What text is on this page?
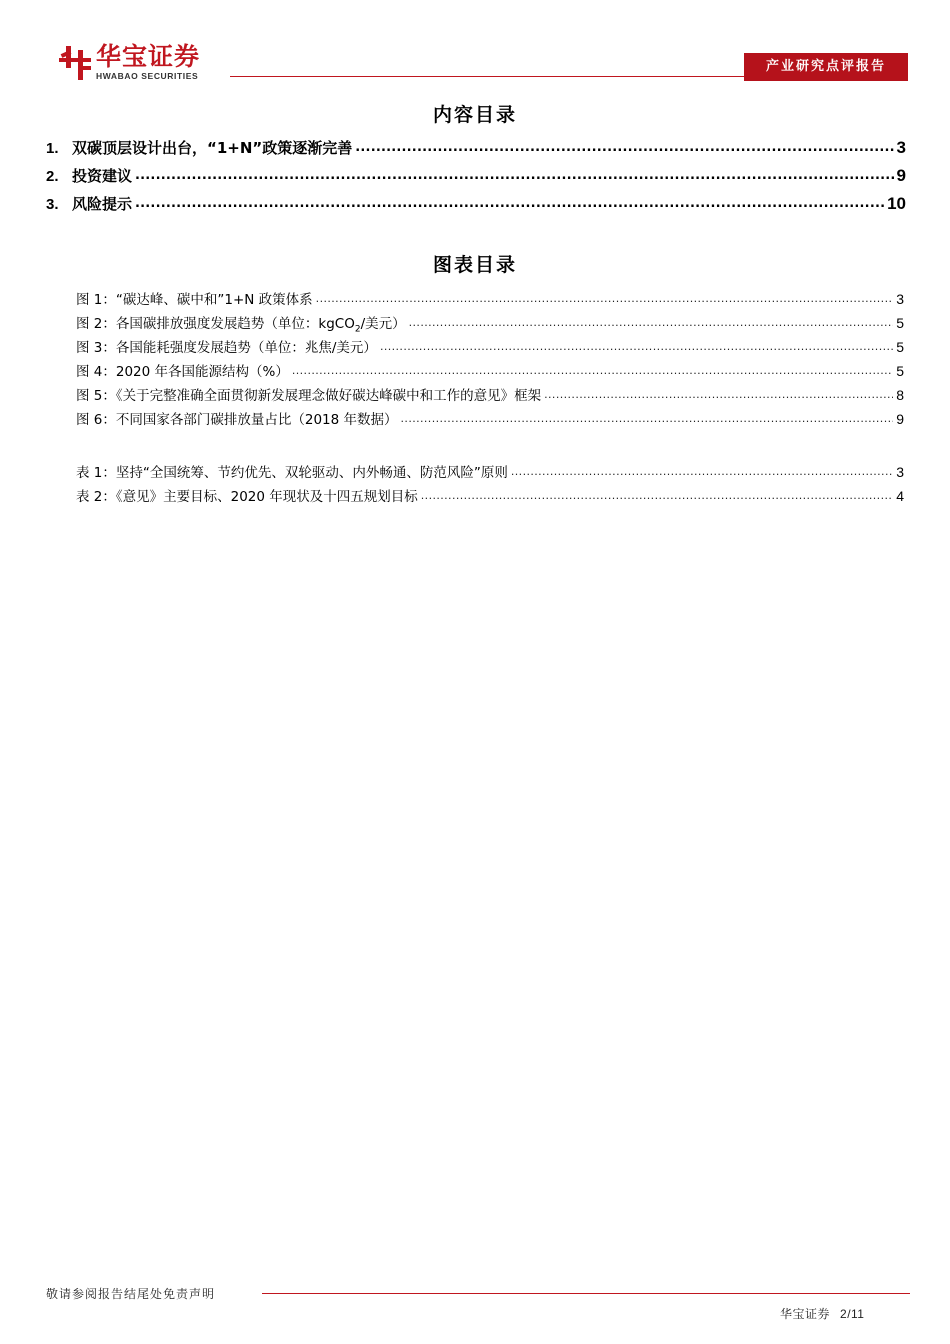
华宝证券
HWABAO SECURITIES
产业研究点评报告
内容目录
1. 双碳顶层设计出台，“1+N”政策逐渐完善 .....	3
2. 投资建议 .....	9
3. 风险提示 .....	10
图表目录
图 1：“碳达峰、碳中和”1+N 政策体系 .....	3
图 2：各国碳排放强度发展趋势（单位：kgCO$_2$/美元） .....	5
图 3：各国能耗强度发展趋势（单位：兆焦/美元） .....	5
图 4：2020 年各国能源结构（%） .....	5
图 5：《关于完整准确全面贯彻新发展理念做好碳达峰碳中和工作的意见》框架 .....	8
图 6：不同国家各部门碳排放量占比（2018 年数据） .....	9
表 1：坚持“全国统筹、节约优先、双轮驱动、内外畅通、防范风险”原则 .....	3
表 2：《意见》主要目标、2020 年现状及十四五规划目标 .....	4
敬请参阅报告结尾处免责声明
华宝证券 2/11
